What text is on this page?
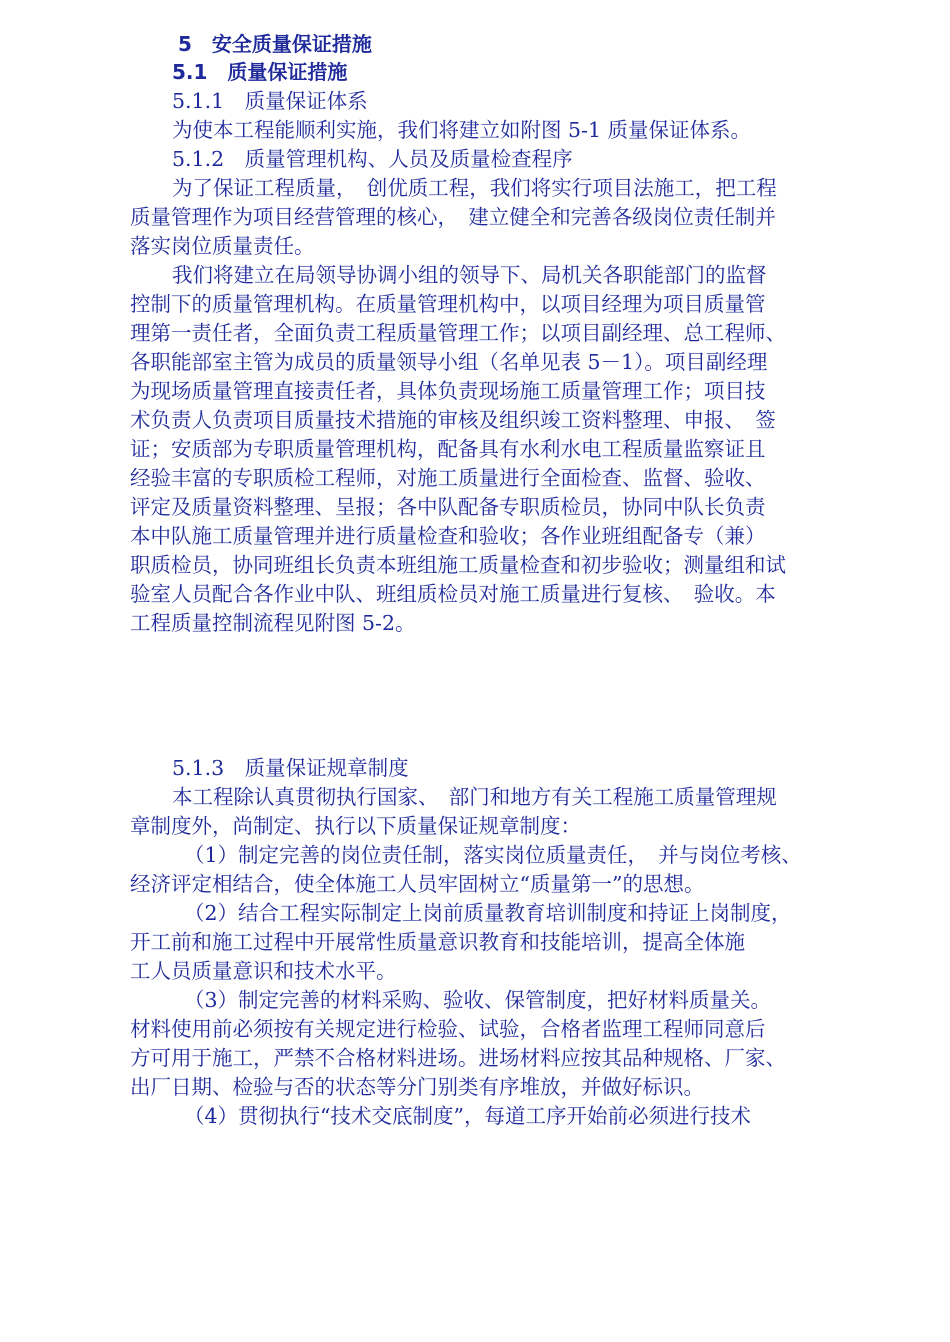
5　安全质量保证措施
5.1　质量保证措施
5.1.1　质量保证体系
为使本工程能顺利实施，我们将建立如附图 5-1 质量保证体系。
5.1.2　质量管理机构、人员及质量检查程序
为了保证工程质量，　创优质工程，我们将实行项目法施工，把工程
质量管理作为项目经营管理的核心，　建立健全和完善各级岗位责任制并
落实岗位质量责任。
我们将建立在局领导协调小组的领导下、局机关各职能部门的监督
控制下的质量管理机构。在质量管理机构中，以项目经理为项目质量管
理第一责任者，全面负责工程质量管理工作；以项目副经理、总工程师、
各职能部室主管为成员的质量领导小组（名单见表 5－1）。项目副经理
为现场质量管理直接责任者，具体负责现场施工质量管理工作；项目技
术负责人负责项目质量技术措施的审核及组织竣工资料整理、申报、　签
证；安质部为专职质量管理机构，配备具有水利水电工程质量监察证且
经验丰富的专职质检工程师，对施工质量进行全面检查、监督、验收、
评定及质量资料整理、呈报；各中队配备专职质检员，协同中队长负责
本中队施工质量管理并进行质量检查和验收；各作业班组配备专（兼）
职质检员，协同班组长负责本班组施工质量检查和初步验收；测量组和试
验室人员配合各作业中队、班组质检员对施工质量进行复核、　验收。本
工程质量控制流程见附图 5-2。
5.1.3　质量保证规章制度
本工程除认真贯彻执行国家、　部门和地方有关工程施工质量管理规
章制度外，尚制定、执行以下质量保证规章制度：
（1）制定完善的岗位责任制，落实岗位质量责任，　并与岗位考核、
经济评定相结合，使全体施工人员牢固树立“质量第一”的思想。
（2）结合工程实际制定上岗前质量教育培训制度和持证上岗制度，
开工前和施工过程中开展常性质量意识教育和技能培训，提高全体施
工人员质量意识和技术水平。
（3）制定完善的材料采购、验收、保管制度，把好材料质量关。
材料使用前必须按有关规定进行检验、试验，合格者监理工程师同意后
方可用于施工，严禁不合格材料进场。进场材料应按其品种规格、厂家、
出厂日期、检验与否的状态等分门别类有序堆放，并做好标识。
（4）贯彻执行“技术交底制度”，每道工序开始前必须进行技术
